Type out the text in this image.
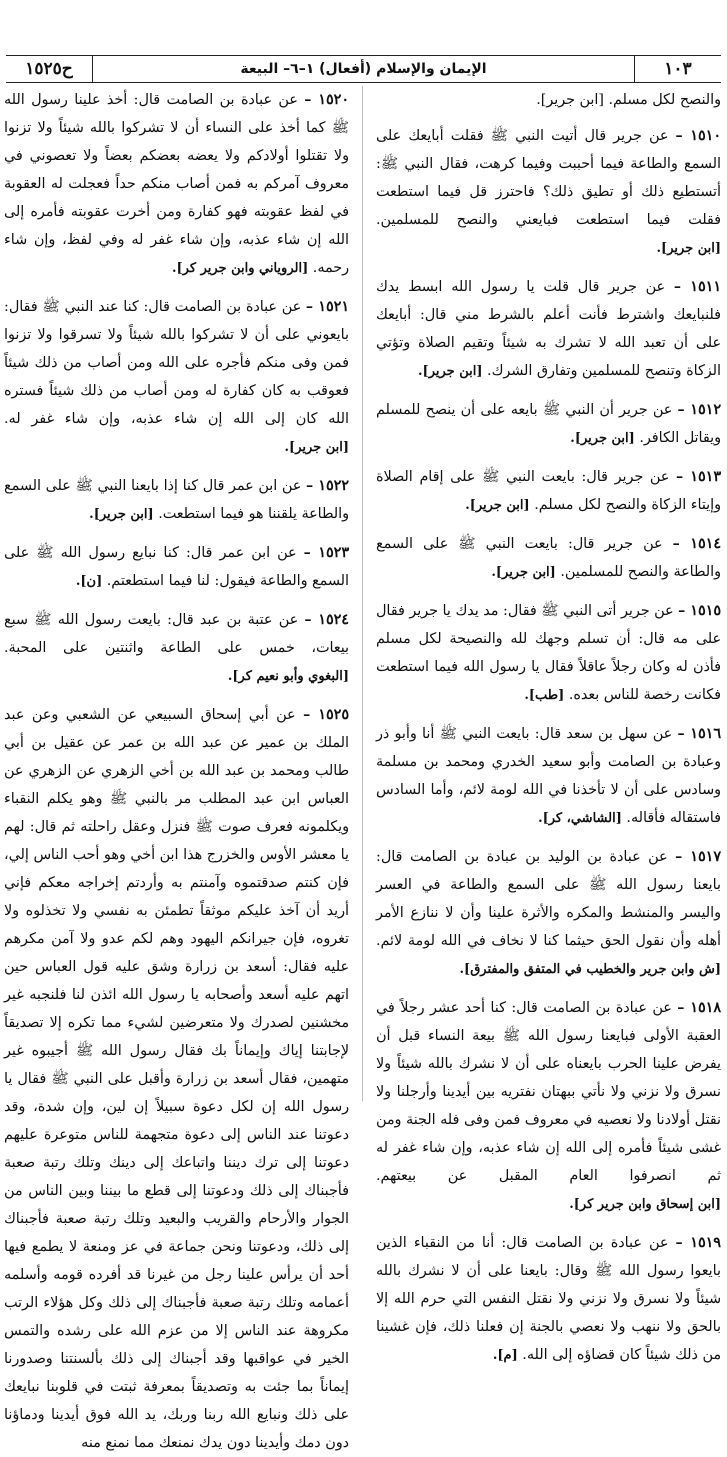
١٠٣
الإيمان والإسلام (أفعال) ١–٦– البيعة
ح١٥٢٥

والنصح لكل مسلم. [ابن جرير].

١٥١٠ – عن جرير قال أتيت النبي ﷺ فقلت أبايعك على السمع والطاعة فيما أحببت وفيما كرهت، فقال النبي ﷺ: أتستطيع ذلك أو تطيق ذلك؟ فاحترز قل فيما استطعت فقلت فيما استطعت فبايعني والنصح للمسلمين. [ابن جرير].

١٥١١ – عن جرير قال قلت يا رسول الله ابسط يدك فلنبايعك واشترط فأنت أعلم بالشرط مني قال: أبايعك على أن تعبد الله لا تشرك به شيئاً وتقيم الصلاة وتؤتي الزكاة وتنصح للمسلمين وتفارق الشرك. [ابن جرير].

١٥١٢ – عن جرير أن النبي ﷺ بايعه على أن ينصح للمسلم ويقاتل الكافر. [ابن جرير].

١٥١٣ – عن جرير قال: بايعت النبي ﷺ على إقام الصلاة وإيتاء الزكاة والنصح لكل مسلم. [ابن جرير].

١٥١٤ – عن جرير قال: بايعت النبي ﷺ على السمع والطاعة والنصح للمسلمين. [ابن جرير].

١٥١٥ – عن جرير أتى النبي ﷺ فقال: مد يدك يا جرير فقال على مه قال: أن تسلم وجهك لله والنصيحة لكل مسلم فأذن له وكان رجلاً عاقلاً فقال يا رسول الله فيما استطعت فكانت رخصة للناس بعده. [طب].

١٥١٦ – عن سهل بن سعد قال: بايعت النبي ﷺ أنا وأبو ذر وعبادة بن الصامت وأبو سعيد الخدري ومحمد بن مسلمة وسادس على أن لا تأخذنا في الله لومة لائم، وأما السادس فاستقاله فأقاله. [الشاشي، كر].

١٥١٧ – عن عبادة بن الوليد بن عبادة بن الصامت قال: بايعنا رسول الله ﷺ على السمع والطاعة في العسر واليسر والمنشط والمكره والأثرة علينا وأن لا ننازع الأمر أهله وأن نقول الحق حيثما كنا لا نخاف في الله لومة لائم. [ش وابن جرير والخطيب في المتفق والمفترق].

١٥١٨ – عن عبادة بن الصامت قال: كنا أحد عشر رجلاً في العقبة الأولى فبايعنا رسول الله ﷺ بيعة النساء قبل أن يفرض علينا الحرب بايعناه على أن لا نشرك بالله شيئاً ولا نسرق ولا نزني ولا نأتي ببهتان نفتريه بين أيدينا وأرجلنا ولا نقتل أولادنا ولا نعصيه في معروف فمن وفى فله الجنة ومن غشى شيئاً فأمره إلى الله إن شاء عذبه، وإن شاء غفر له ثم انصرفوا العام المقبل عن بيعتهم. [ابن إسحاق وابن جرير كر].

١٥١٩ – عن عبادة بن الصامت قال: أنا من النقباء الذين بايعوا رسول الله ﷺ وقال: بايعنا على أن لا نشرك بالله شيئاً ولا نسرق ولا نزني ولا نقتل النفس التي حرم الله إلا بالحق ولا ننهب ولا نعصي بالجنة إن فعلنا ذلك، فإن غشينا من ذلك شيئاً كان قضاؤه إلى الله. [م].

١٥٢٠ – عن عبادة بن الصامت قال: أخذ علينا رسول الله ﷺ كما أخذ على النساء أن لا تشركوا بالله شيئاً ولا تزنوا ولا تقتلوا أولادكم ولا يعضه بعضكم بعضاً ولا تعصوني في معروف آمركم به فمن أصاب منكم حداً فعجلت له العقوبة في لفظ عقوبته فهو كفارة ومن أخرت عقوبته فأمره إلى الله إن شاء عذبه، وإن شاء غفر له وفي لفظ، وإن شاء رحمه. [الروياني وابن جرير كر].

١٥٢١ – عن عبادة بن الصامت قال: كنا عند النبي ﷺ فقال: بايعوني على أن لا تشركوا بالله شيئاً ولا تسرقوا ولا تزنوا فمن وفى منكم فأجره على الله ومن أصاب من ذلك شيئاً فعوقب به كان كفارة له ومن أصاب من ذلك شيئاً فستره الله كان إلى الله إن شاء عذبه، وإن شاء غفر له. [ابن جرير].

١٥٢٢ – عن ابن عمر قال كنا إذا بايعنا النبي ﷺ على السمع والطاعة يلقننا هو فيما استطعت. [ابن جرير].

١٥٢٣ – عن ابن عمر قال: كنا نبايع رسول الله ﷺ على السمع والطاعة فيقول: لنا فيما استطعتم. [ن].

١٥٢٤ – عن عتبة بن عبد قال: بايعت رسول الله ﷺ سبع بيعات، خمس على الطاعة واثنتين على المحبة. [البغوي وأبو نعيم كر].

١٥٢٥ – عن أبي إسحاق السبيعي عن الشعبي وعن عبد الملك بن عمير عن عبد الله بن عمر عن عقيل بن أبي طالب ومحمد بن عبد الله بن أخي الزهري عن الزهري عن العباس ابن عبد المطلب مر بالنبي ﷺ وهو يكلم النقباء ويكلمونه فعرف صوت ﷺ فنزل وعقل راحلته ثم قال: لهم يا معشر الأوس والخزرج هذا ابن أخي وهو أحب الناس إلي، فإن كنتم صدقتموه وآمنتم به وأردتم إخراجه معكم فإني أريد أن آخذ عليكم موثقاً تطمئن به نفسي ولا تخذلوه ولا تغروه، فإن جيرانكم اليهود وهم لكم عدو ولا آمن مكرهم عليه فقال: أسعد بن زرارة وشق عليه قول العباس حين اتهم عليه أسعد وأصحابه يا رسول الله ائذن لنا فلنجبه غير مخشنين لصدرك ولا متعرضين لشيء مما تكره إلا تصديقاً لإجابتنا إياك وإيماناً بك فقال رسول الله ﷺ أجيبوه غير متهمين، فقال أسعد بن زرارة وأقبل على النبي ﷺ فقال يا رسول الله إن لكل دعوة سبيلاً إن لين، وإن شدة، وقد دعوتنا عند الناس إلى دعوة متجهمة للناس متوعرة عليهم دعوتنا إلى ترك ديننا واتباعك إلى دينك وتلك رتبة صعبة فأجبناك إلى ذلك ودعوتنا إلى قطع ما بيننا وبين الناس من الجوار والأرحام والقريب والبعيد وتلك رتبة صعبة فأجبناك إلى ذلك، ودعوتنا ونحن جماعة في عز ومنعة لا يطمع فيها أحد أن يرأس علينا رجل من غيرنا قد أفرده قومه وأسلمه أعمامه وتلك رتبة صعبة فأجبناك إلى ذلك وكل هؤلاء الرتب مكروهة عند الناس إلا من عزم الله على رشده والتمس الخير في عواقبها وقد أجبناك إلى ذلك بألسنتنا وصدورنا إيماناً بما جئت به وتصديقاً بمعرفة ثبتت في قلوبنا نبايعك على ذلك ونبايع الله ربنا وربك، يد الله فوق أيدينا ودماؤنا دون دمك وأيدينا دون يدك نمنعك مما نمنع منه
